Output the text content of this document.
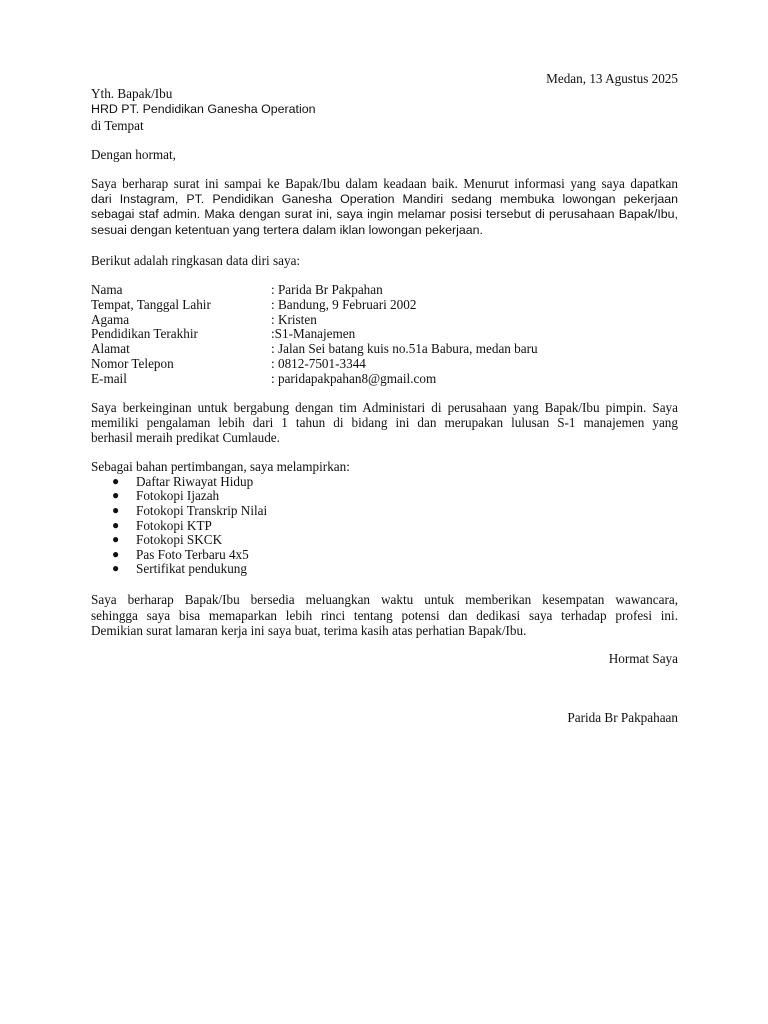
Medan, 13 Agustus 2025
Yth. Bapak/Ibu
HRD PT. Pendidikan Ganesha Operation
di Tempat
Dengan hormat,
Saya berharap surat ini sampai ke Bapak/Ibu dalam keadaan baik. Menurut informasi yang saya dapatkan
dari Instagram, PT. Pendidikan Ganesha Operation Mandiri sedang membuka lowongan pekerjaan
sebagai staf admin. Maka dengan surat ini, saya ingin melamar posisi tersebut di perusahaan Bapak/Ibu,
sesuai dengan ketentuan yang tertera dalam iklan lowongan pekerjaan.
Berikut adalah ringkasan data diri saya:
Nama	: Parida Br Pakpahan
Tempat, Tanggal Lahir	: Bandung, 9 Februari 2002
Agama	: Kristen
Pendidikan Terakhir	: S1-Manajemen
Alamat	: Jalan Sei batang kuis no.51a Babura, medan baru
Nomor Telepon	: 0812-7501-3344
E-mail	: paridapakpahan8@gmail.com
Saya berkeinginan untuk bergabung dengan tim Administari di perusahaan yang Bapak/Ibu pimpin. Saya
memiliki pengalaman lebih dari 1 tahun di bidang ini dan merupakan lulusan S-1 manajemen yang
berhasil meraih predikat Cumlaude.
Sebagai bahan pertimbangan, saya melampirkan:
●	Daftar Riwayat Hidup
●	Fotokopi Ijazah
●	Fotokopi Transkrip Nilai
●	Fotokopi KTP
●	Fotokopi SKCK
●	Pas Foto Terbaru 4x5
●	Sertifikat pendukung
Saya berharap Bapak/Ibu bersedia meluangkan waktu untuk memberikan kesempatan wawancara,
sehingga saya bisa memaparkan lebih rinci tentang potensi dan dedikasi saya terhadap profesi ini.
Demikian surat lamaran kerja ini saya buat, terima kasih atas perhatian Bapak/Ibu.
Hormat Saya
Parida Br Pakpahaan
